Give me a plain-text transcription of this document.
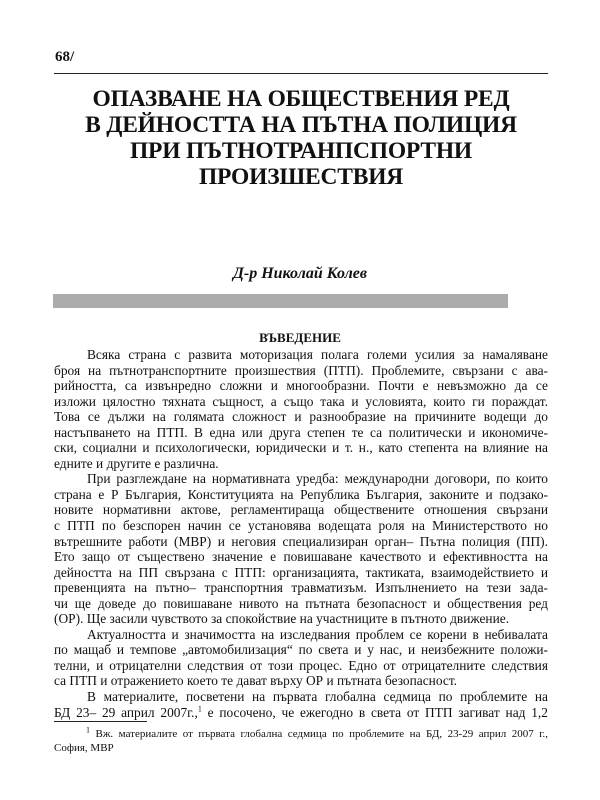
68/
ОПАЗВАНЕ НА ОБЩЕСТВЕНИЯ РЕД
В ДЕЙНОСТТА НА ПЪТНА ПОЛИЦИЯ
ПРИ ПЪТНОТРАНПСПОРТНИ
ПРОИЗШЕСТВИЯ
Д-р Николай Колев
ВЪВЕДЕНИЕ
Всяка страна с развита моторизация полага големи усилия за намаляване
броя на пътнотранспортните произшествия (ПТП). Проблемите, свързани с ава-
рийността, са извънредно сложни и многообразни. Почти е невъзможно да се
изложи цялостно тяхната същност, а също така и условията, които ги пораждат.
Това се дължи на голямата сложност и разнообразие на причините водещи до
настъпването на ПТП. В една или друга степен те са политически и икономиче-
ски, социални и психологически, юридически и т. н., като степента на влияние на
едните и другите е различна.
При разглеждане на нормативната уредба: международни договори, по които
страна е Р България, Конституцията на Република България, законите и подзако-
новите нормативни актове, регламентираща обществените отношения свързани
с ПТП по безспорен начин се установява водещата роля на Министерството но
вътрешните работи (МВР) и неговия специализиран орган– Пътна полиция (ПП).
Ето защо от съществено значение е повишаване качеството и ефективността на
дейността на ПП свързана с ПТП: организацията, тактиката, взаимодействието и
превенцията на пътно– транспортния травматизъм. Изпълнението на тези зада-
чи ще доведе до повишаване нивото на пътната безопасност и обществения ред
(ОР). Ще засили чувството за спокойствие на участниците в пътното движение.
Актуалността и значимостта на изследвания проблем се корени в небивалата
по мащаб и темпове „автомобилизация“ по света и у нас, и неизбежните положи-
телни, и отрицателни следствия от този процес. Едно от отрицателните следствия
са ПТП и отражението което те дават върху ОР и пътната безопасност.
В материалите, посветени на първата глобална седмица по проблемите на
БД 23– 29 април 2007г.,$^1$ е посочено, че ежегодно в света от ПТП загиват над 1,2
$^1$ Вж. материалите от първата глобална седмица по проблемите на БД, 23-29 април 2007 г.,
София, МВР
